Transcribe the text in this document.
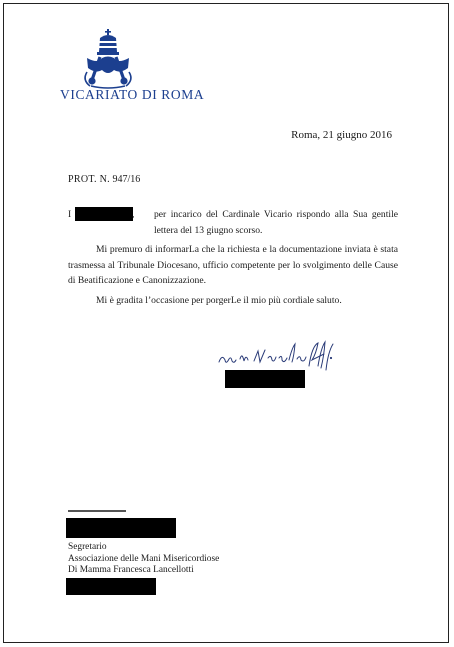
VICARIATO DI ROMA
Roma, 21 giugno 2016
PROT. N. 947/16

I	,	per incarico del Cardinale Vicario rispondo alla Sua gentile lettera del 13 giugno scorso.

Mi premuro di informarLa che la richiesta e la documentazione inviata è stata trasmessa al Tribunale Diocesano, ufficio competente per lo svolgimento delle Cause di Beatificazione e Canonizzazione.

Mi è gradita l’occasione per porgerLe il mio più cordiale saluto.

Segretario
Associazione delle Mani Misericordiose
Di Mamma Francesca Lancellotti
